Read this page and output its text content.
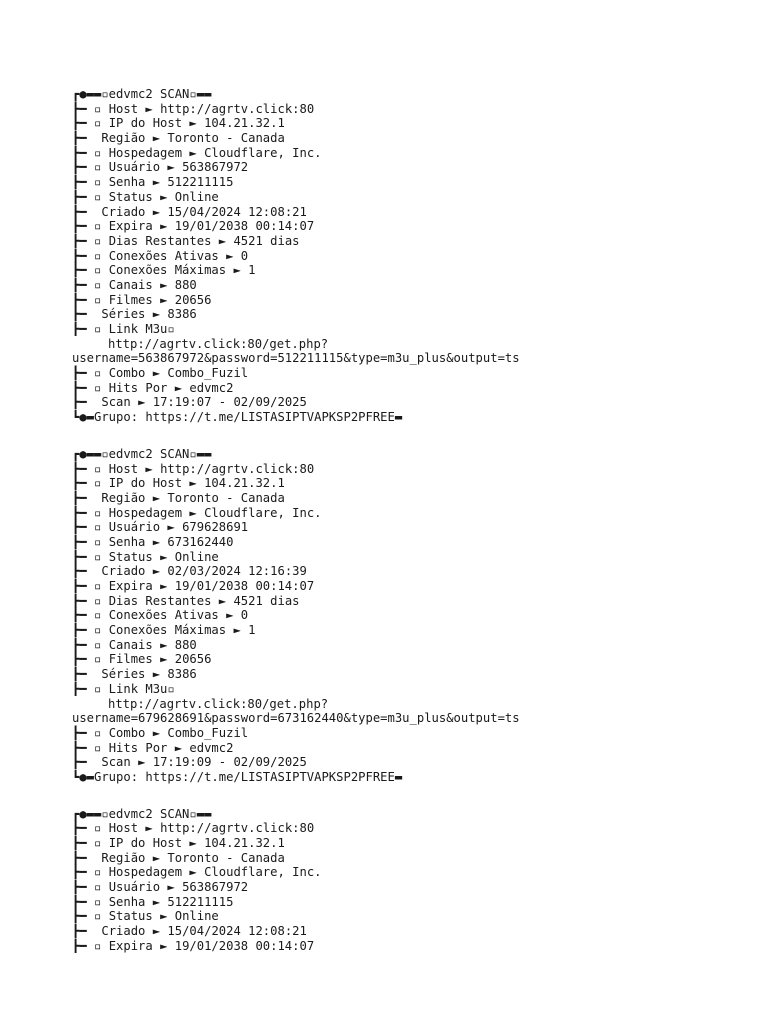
┏●▬▬▫edvmc2 SCAN▫▬▬
┣━ ▫ Host ► http://agrtv.click:80
┣━ ▫ IP do Host ► 104.21.32.1
┣━  Região ► Toronto - Canada
┣━ ▫ Hospedagem ► Cloudflare, Inc.
┣━ ▫ Usuário ► 563867972
┣━ ▫ Senha ► 512211115
┣━ ▫ Status ► Online
┣━  Criado ► 15/04/2024 12:08:21
┣━ ▫ Expira ► 19/01/2038 00:14:07
┣━ ▫ Dias Restantes ► 4521 dias
┣━ ▫ Conexões Ativas ► 0
┣━ ▫ Conexões Máximas ► 1
┣━ ▫ Canais ► 880
┣━ ▫ Filmes ► 20656
┣━  Séries ► 8386
┣━ ▫ Link M3u▫
http://agrtv.click:80/get.php?
username=563867972&password=512211115&type=m3u_plus&output=ts
┣━ ▫ Combo ► Combo_Fuzil
┣━ ▫ Hits Por ► edvmc2
┣━  Scan ► 17:19:07 - 02/09/2025
┗●▬Grupo: https://t.me/LISTASIPTVAPKSP2PFREE▬
┏●▬▬▫edvmc2 SCAN▫▬▬
┣━ ▫ Host ► http://agrtv.click:80
┣━ ▫ IP do Host ► 104.21.32.1
┣━  Região ► Toronto - Canada
┣━ ▫ Hospedagem ► Cloudflare, Inc.
┣━ ▫ Usuário ► 679628691
┣━ ▫ Senha ► 673162440
┣━ ▫ Status ► Online
┣━  Criado ► 02/03/2024 12:16:39
┣━ ▫ Expira ► 19/01/2038 00:14:07
┣━ ▫ Dias Restantes ► 4521 dias
┣━ ▫ Conexões Ativas ► 0
┣━ ▫ Conexões Máximas ► 1
┣━ ▫ Canais ► 880
┣━ ▫ Filmes ► 20656
┣━  Séries ► 8386
┣━ ▫ Link M3u▫
http://agrtv.click:80/get.php?
username=679628691&password=673162440&type=m3u_plus&output=ts
┣━ ▫ Combo ► Combo_Fuzil
┣━ ▫ Hits Por ► edvmc2
┣━  Scan ► 17:19:09 - 02/09/2025
┗●▬Grupo: https://t.me/LISTASIPTVAPKSP2PFREE▬
┏●▬▬▫edvmc2 SCAN▫▬▬
┣━ ▫ Host ► http://agrtv.click:80
┣━ ▫ IP do Host ► 104.21.32.1
┣━  Região ► Toronto - Canada
┣━ ▫ Hospedagem ► Cloudflare, Inc.
┣━ ▫ Usuário ► 563867972
┣━ ▫ Senha ► 512211115
┣━ ▫ Status ► Online
┣━  Criado ► 15/04/2024 12:08:21
┣━ ▫ Expira ► 19/01/2038 00:14:07
